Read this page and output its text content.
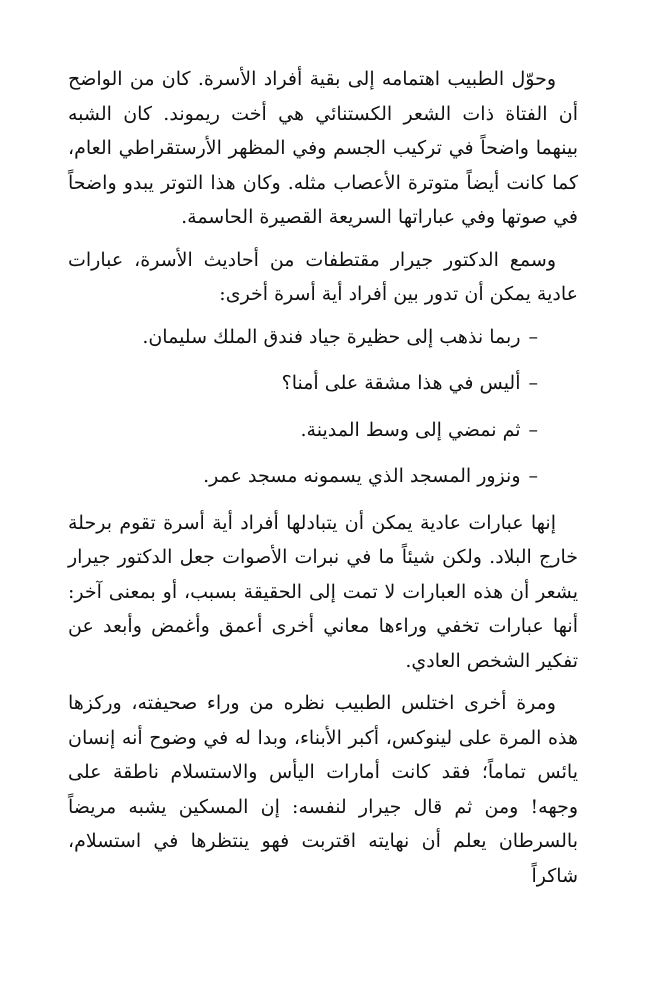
وحوّل الطبيب اهتمامه إلى بقية أفراد الأسرة. كان من الواضح أن الفتاة ذات الشعر الكستنائي هي أخت ريموند. كان الشبه بينهما واضحاً في تركيب الجسم وفي المظهر الأرستقراطي العام، كما كانت أيضاً متوترة الأعصاب مثله. وكان هذا التوتر يبدو واضحاً في صوتها وفي عباراتها السريعة القصيرة الحاسمة.

وسمع الدكتور جيرار مقتطفات من أحاديث الأسرة، عبارات عادية يمكن أن تدور بين أفراد أية أسرة أخرى:

–ربما نذهب إلى حظيرة جياد فندق الملك سليمان.

–أليس في هذا مشقة على أمنا؟

–ثم نمضي إلى وسط المدينة.

–ونزور المسجد الذي يسمونه مسجد عمر.

إنها عبارات عادية يمكن أن يتبادلها أفراد أية أسرة تقوم برحلة خارج البلاد. ولكن شيئاً ما في نبرات الأصوات جعل الدكتور جيرار يشعر أن هذه العبارات لا تمت إلى الحقيقة بسبب، أو بمعنى آخر: أنها عبارات تخفي وراءها معاني أخرى أعمق وأغمض وأبعد عن تفكير الشخص العادي.

ومرة أخرى اختلس الطبيب نظره من وراء صحيفته، وركزها هذه المرة على لينوكس، أكبر الأبناء، وبدا له في وضوح أنه إنسان يائس تماماً؛ فقد كانت أمارات اليأس والاستسلام ناطقة على وجهه! ومن ثم قال جيرار لنفسه: إن المسكين يشبه مريضاً بالسرطان يعلم أن نهايته اقتربت فهو ينتظرها في استسلام، شاكراً
